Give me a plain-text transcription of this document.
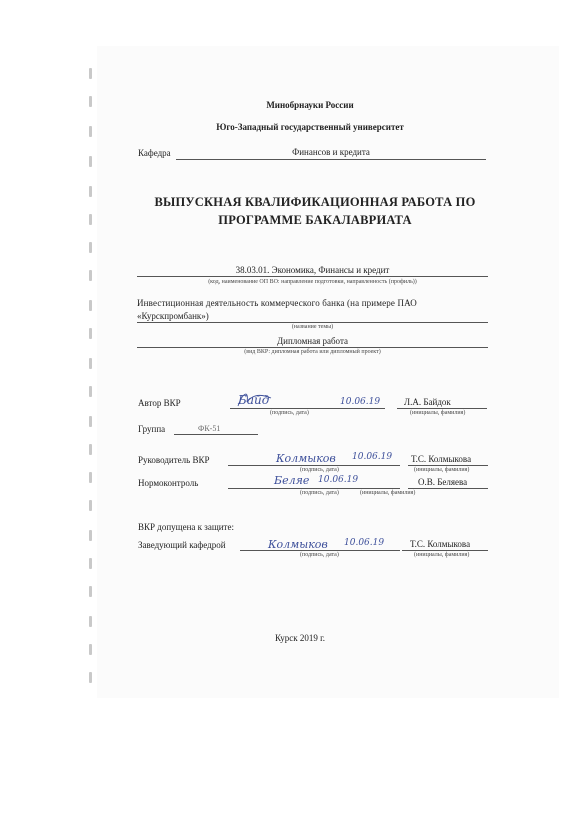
Минобрнауки России
Юго-Западный государственный университет
Кафедра	Финансов и кредита
ВЫПУСКНАЯ КВАЛИФИКАЦИОННАЯ РАБОТА ПО
ПРОГРАММЕ БАКАЛАВРИАТА
38.03.01. Экономика, Финансы и кредит
(код, наименование ОП ВО: направление подготовки, направленность (профиль))
Инвестиционная деятельность коммерческого банка (на примере ПАО
«Курскпромбанк»)
(название темы)
Дипломная работа
(вид ВКР: дипломная работа или дипломный проект)
Автор ВКР	Байд	10.06.19
(подпись, дата)
Л.А. Байдок
(инициалы, фамилия)
Группа	ФК-51
Руководитель ВКР	Колмыков 10.06.19
(подпись, дата)
Т.С. Колмыкова
(инициалы, фамилия)
Нормоконтроль	Беляе 10.06.19
(подпись, дата)	(инициалы, фамилия)
О.В. Беляева
ВКР допущена к защите:
Заведующий кафедрой	Колмыков 10.06.19
(подпись, дата)
Т.С. Колмыкова
(инициалы, фамилия)
Курск 2019 г.
